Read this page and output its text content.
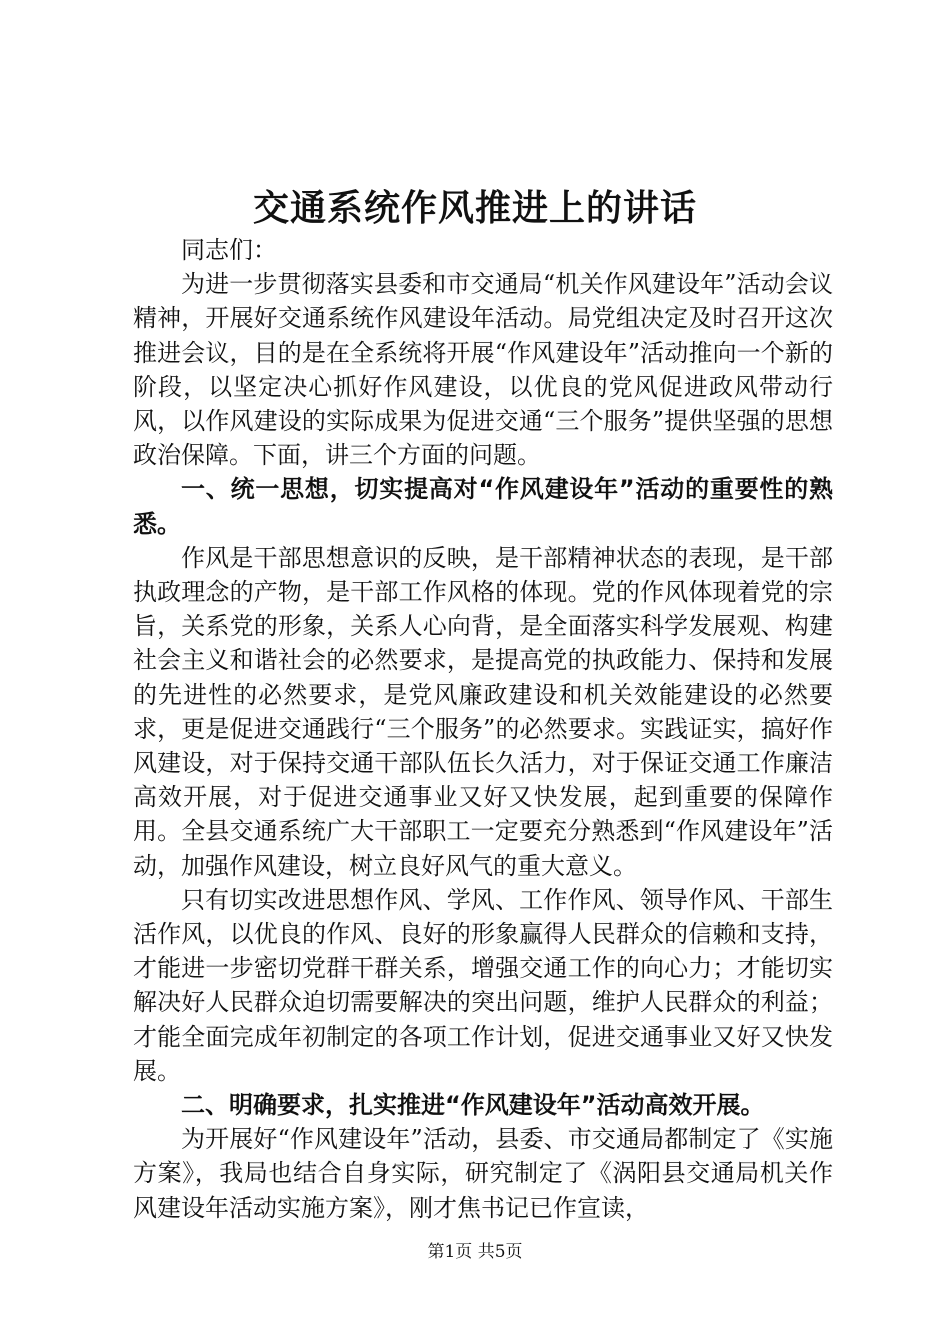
交通系统作风推进上的讲话

同志们：

为进一步贯彻落实县委和市交通局“机关作风建设年”活动会议精神，开展好交通系统作风建设年活动。局党组决定及时召开这次推进会议，目的是在全系统将开展“作风建设年”活动推向一个新的阶段，以坚定决心抓好作风建设，以优良的党风促进政风带动行风，以作风建设的实际成果为促进交通“三个服务”提供坚强的思想政治保障。下面，讲三个方面的问题。

一、统一思想，切实提高对“作风建设年”活动的重要性的熟悉。

作风是干部思想意识的反映，是干部精神状态的表现，是干部执政理念的产物，是干部工作风格的体现。党的作风体现着党的宗旨，关系党的形象，关系人心向背，是全面落实科学发展观、构建社会主义和谐社会的必然要求，是提高党的执政能力、保持和发展的先进性的必然要求，是党风廉政建设和机关效能建设的必然要求，更是促进交通践行“三个服务”的必然要求。实践证实，搞好作风建设，对于保持交通干部队伍长久活力，对于保证交通工作廉洁高效开展，对于促进交通事业又好又快发展，起到重要的保障作用。全县交通系统广大干部职工一定要充分熟悉到“作风建设年”活动，加强作风建设，树立良好风气的重大意义。

只有切实改进思想作风、学风、工作作风、领导作风、干部生活作风，以优良的作风、良好的形象赢得人民群众的信赖和支持，才能进一步密切党群干群关系，增强交通工作的向心力；才能切实解决好人民群众迫切需要解决的突出问题，维护人民群众的利益；才能全面完成年初制定的各项工作计划，促进交通事业又好又快发展。

二、明确要求，扎实推进“作风建设年”活动高效开展。

为开展好“作风建设年”活动，县委、市交通局都制定了《实施方案》，我局也结合自身实际，研究制定了《涡阳县交通局机关作风建设年活动实施方案》，刚才焦书记已作宣读，

第1页 共5页
